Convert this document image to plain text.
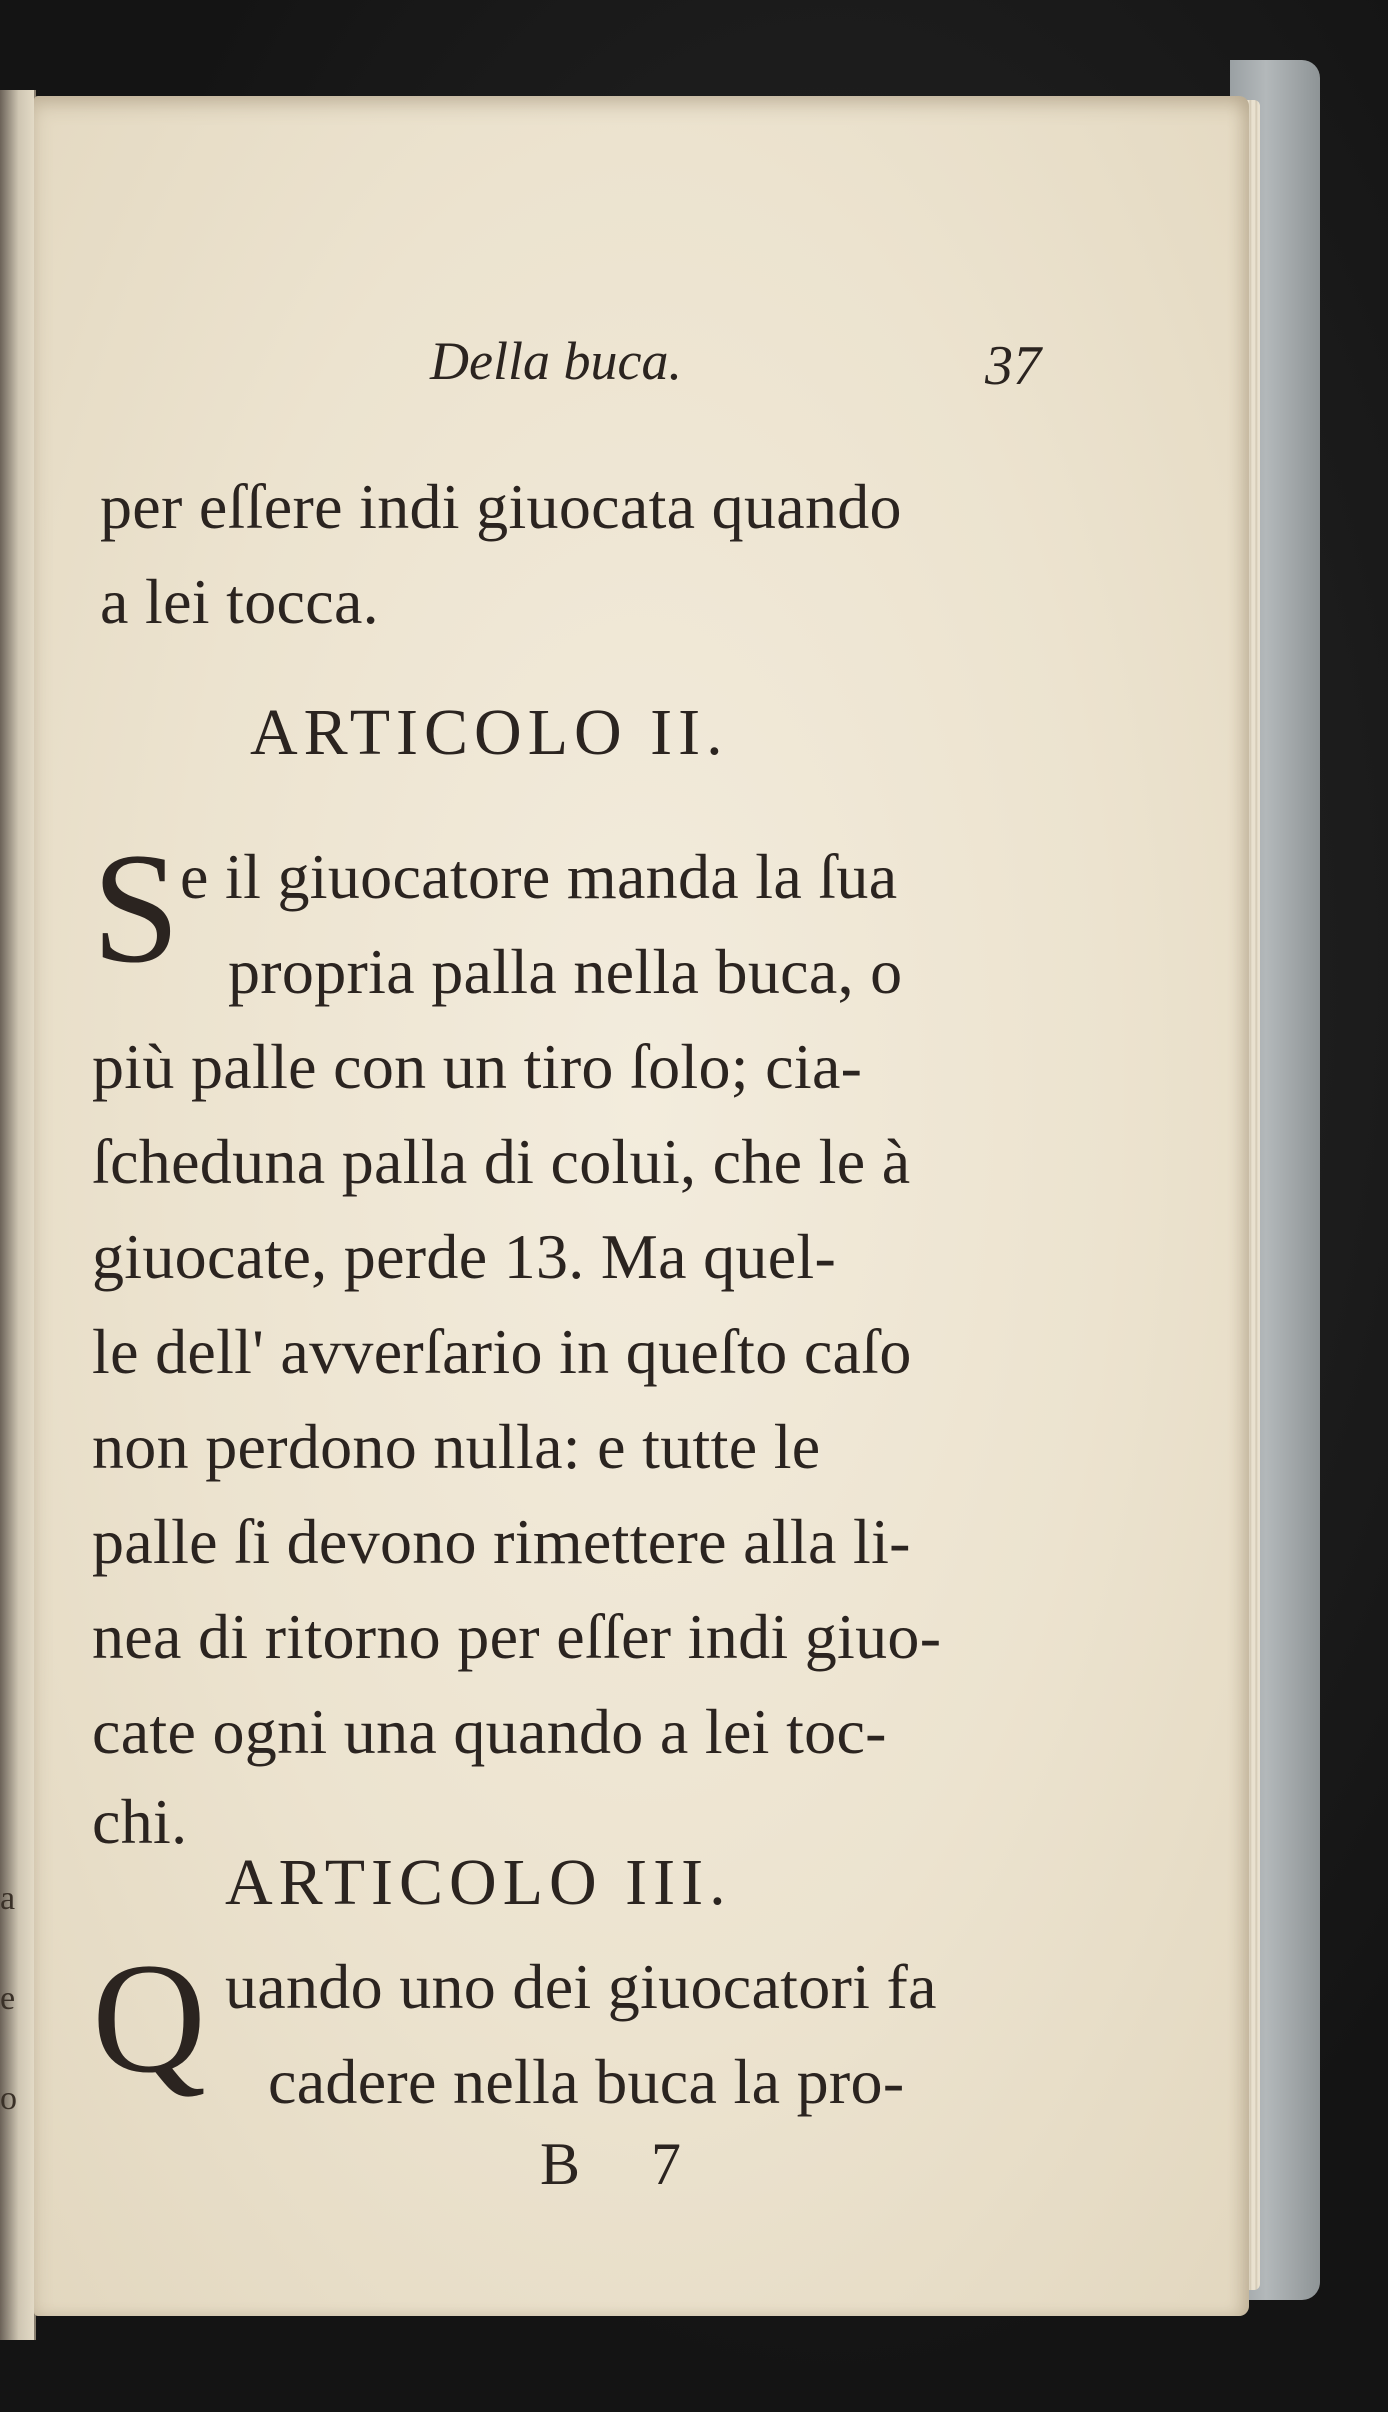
a
e
o
Della buca.	37
per eſſere indi giuocata quando
a lei tocca.
ARTICOLO II.
S e il giuocatore manda la ſua
propria palla nella buca, o
più palle con un tiro ſolo; cia-
ſcheduna palla di colui, che le à
giuocate, perde 13. Ma quel-
le dell' avverſario in queſto caſo
non perdono nulla: e tutte le
palle ſi devono rimettere alla li-
nea di ritorno per eſſer indi giuo-
cate ogni una quando a lei toc-
chi.
ARTICOLO III.
Q uando uno dei giuocatori fa
cadere nella buca la pro-
B 7
